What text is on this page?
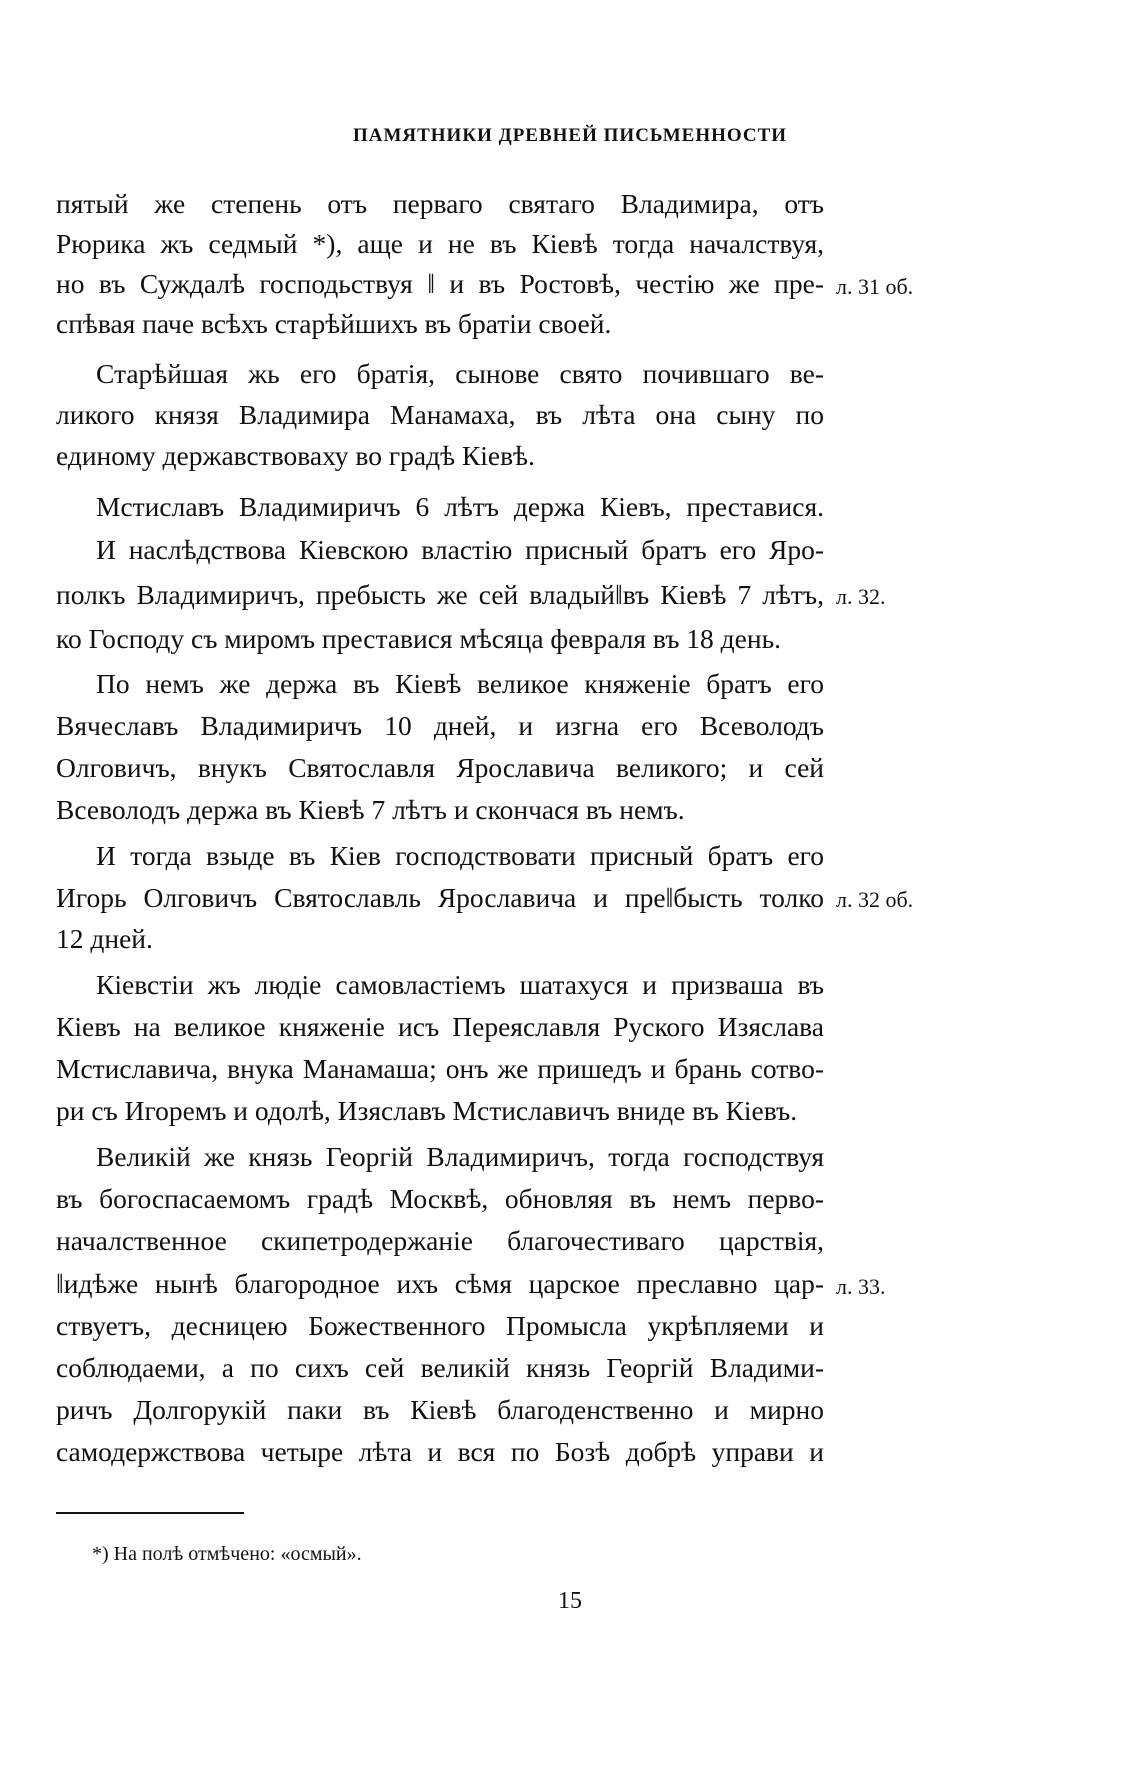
ПАМЯТНИКИ ДРЕВНЕЙ ПИСЬМЕННОСТИ
пятый же степень отъ перваго святаго Владимира, отъ
Рюрика жъ седмый *), аще и не въ Кіевѣ тогда началствуя,
но въ Суждалѣ господьствуя ‖ и въ Ростовѣ, честію же пре-
спѣвая паче всѣхъ старѣйшихъ въ братіи своей.
Старѣйшая жь его братія, сынове свято почившаго ве-
ликого князя Владимира Манамаха, въ лѣта она сыну по
единому державствоваху во градѣ Кіевѣ.
Мстиславъ Владимиричъ 6 лѣтъ держа Кіевъ, преставися.
И наслѣдствова Кіевскою властію присный братъ его Яро-
полкъ Владимиричъ, пребысть же сей владый‖въ Кіевѣ 7 лѣтъ,
ко Господу съ миромъ преставися мѣсяца февраля въ 18 день.
По немъ же держа въ Кіевѣ великое княженіе братъ его
Вячеславъ Владимиричъ 10 дней, и изгна его Всеволодъ
Олговичъ, внукъ Святославля Ярославича великого; и сей
Всеволодъ держа въ Кіевѣ 7 лѣтъ и скончася въ немъ.
И тогда взыде въ Кіев господствовати присный братъ его
Игорь Олговичъ Святославль Ярославича и пре‖бысть толко
12 дней.
Кіевстіи жъ людіе самовластіемъ шатахуся и призваша въ
Кіевъ на великое княженіе исъ Переяславля Руского Изяслава
Мстиславича, внука Манамаша; онъ же пришедъ и брань сотво-
ри съ Игоремъ и одолѣ, Изяславъ Мстиславичъ вниде въ Кіевъ.
Великій же князь Георгій Владимиричъ, тогда господствуя
въ богоспасаемомъ градѣ Москвѣ, обновляя въ немъ перво-
началственное скипетродержаніе благочестиваго царствія,
‖идѣже нынѣ благородное ихъ сѣмя царское преславно цар-
ствуетъ, десницею Божественного Промысла укрѣпляеми и
соблюдаеми, а по сихъ сей великій князь Георгій Владими-
ричъ Долгорукій паки въ Кіевѣ благоденственно и мирно
самодержствова четыре лѣта и вся по Бозѣ добрѣ управи и
л. 31 об.
л. 32.
л. 32 об.
л. 33.
*) На полѣ отмѣчено: «осмый».
15
